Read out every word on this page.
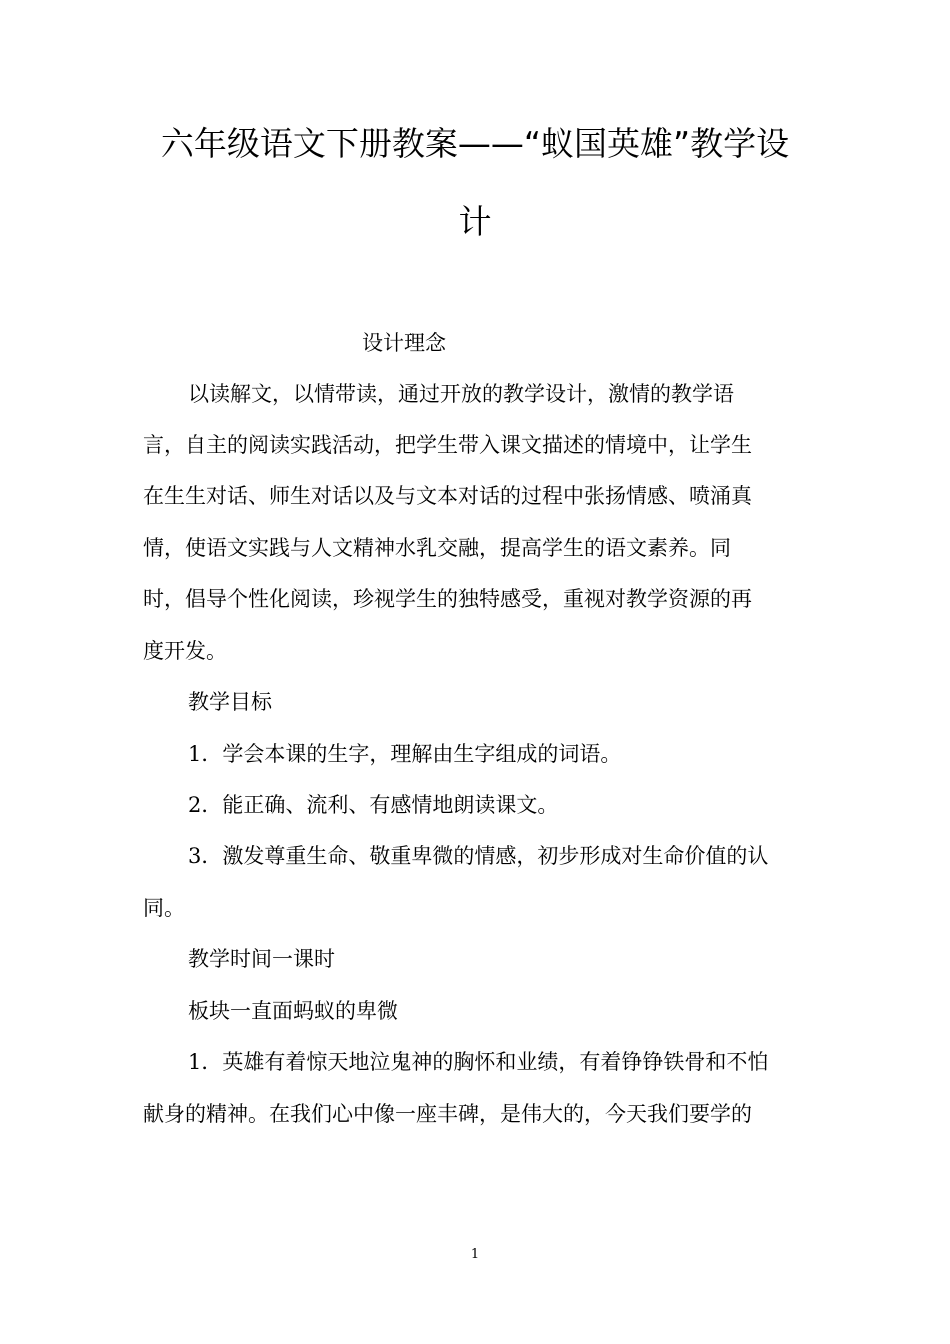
六年级语文下册教案——“蚁国英雄”教学设
计
设计理念
以读解文，以情带读，通过开放的教学设计，激情的教学语
言，自主的阅读实践活动，把学生带入课文描述的情境中，让学生
在生生对话、师生对话以及与文本对话的过程中张扬情感、喷涌真
情，使语文实践与人文精神水乳交融，提高学生的语文素养。同
时，倡导个性化阅读，珍视学生的独特感受，重视对教学资源的再
度开发。
教学目标
1．学会本课的生字，理解由生字组成的词语。
2．能正确、流利、有感情地朗读课文。
3．激发尊重生命、敬重卑微的情感，初步形成对生命价值的认
同。
教学时间一课时
板块一直面蚂蚁的卑微
1．英雄有着惊天地泣鬼神的胸怀和业绩，有着铮铮铁骨和不怕
献身的精神。在我们心中像一座丰碑，是伟大的，今天我们要学的
1
